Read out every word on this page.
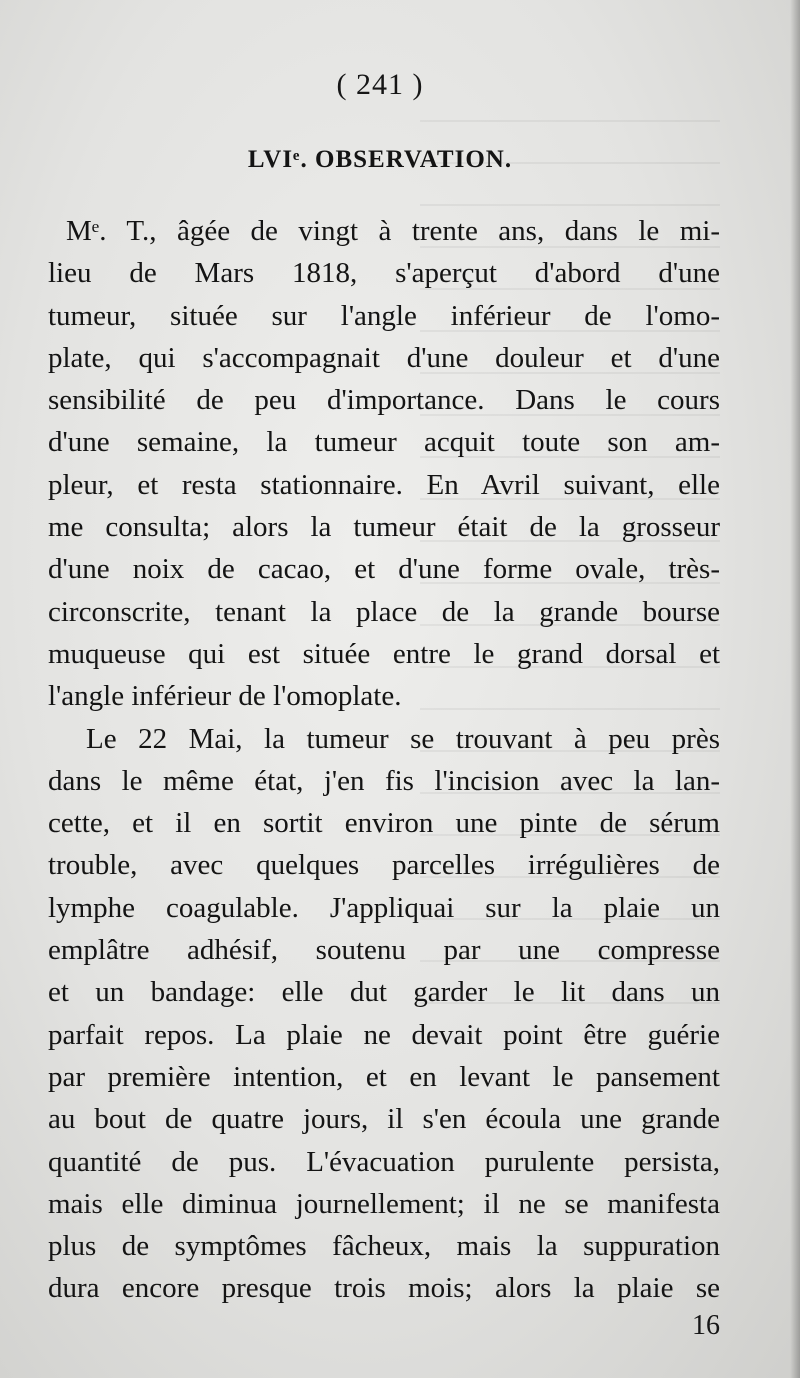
( 241 )
LVIᵉ. OBSERVATION.
Mᵉ. T., âgée de vingt à trente ans, dans le mi-
lieu de Mars 1818, s'aperçut d'abord d'une
tumeur, située sur l'angle inférieur de l'omo-
plate, qui s'accompagnait d'une douleur et d'une
sensibilité de peu d'importance. Dans le cours
d'une semaine, la tumeur acquit toute son am-
pleur, et resta stationnaire. En Avril suivant, elle
me consulta; alors la tumeur était de la grosseur
d'une noix de cacao, et d'une forme ovale, très-
circonscrite, tenant la place de la grande bourse
muqueuse qui est située entre le grand dorsal et
l'angle inférieur de l'omoplate.
Le 22 Mai, la tumeur se trouvant à peu près
dans le même état, j'en fis l'incision avec la lan-
cette, et il en sortit environ une pinte de sérum
trouble, avec quelques parcelles irrégulières de
lymphe coagulable. J'appliquai sur la plaie un
emplâtre adhésif, soutenu par une compresse
et un bandage: elle dut garder le lit dans un
parfait repos. La plaie ne devait point être guérie
par première intention, et en levant le pansement
au bout de quatre jours, il s'en écoula une grande
quantité de pus. L'évacuation purulente persista,
mais elle diminua journellement; il ne se manifesta
plus de symptômes fâcheux, mais la suppuration
dura encore presque trois mois; alors la plaie se
16
